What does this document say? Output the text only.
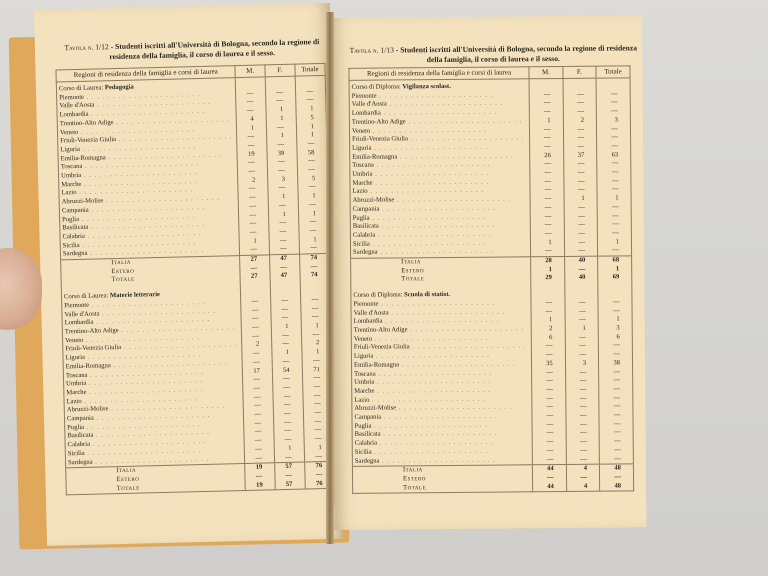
Tavola n. 1/12 - Studenti iscritti all'Università di Bologna, secondo la regione di residenza della famiglia, il corso di laurea e il sesso.
Regioni di residenza della famiglia e corsi di laurea	M.	F.	Totale
Corso di Laurea: Pedagogia			
Piemonte . . . . . . . . . . . . . . . . . . . . . .	—	—	—
Valle d'Aosta . . . . . . . . . . . . . . . . . . . . . .	—	—	—
Lombardia . . . . . . . . . . . . . . . . . . . . . .	—	1	1
Trentino-Alto Adige . . . . . . . . . . . . . . . . . . . . . .	4	1	5
Veneto . . . . . . . . . . . . . . . . . . . . . .	1	—	1
Friuli-Venezia Giulia . . . . . . . . . . . . . . . . . . . . . .	—	1	1
Liguria . . . . . . . . . . . . . . . . . . . . . .	—	—	—
Emilia-Romagna . . . . . . . . . . . . . . . . . . . . . .	19	39	58
Toscana . . . . . . . . . . . . . . . . . . . . . .	—	—	—
Umbria . . . . . . . . . . . . . . . . . . . . . .	—	—	—
Marche . . . . . . . . . . . . . . . . . . . . . .	2	3	5
Lazio . . . . . . . . . . . . . . . . . . . . . .	—	—	—
Abruzzi-Molise . . . . . . . . . . . . . . . . . . . . . .	—	1	1
Campania . . . . . . . . . . . . . . . . . . . . . .	—	—	—
Puglia . . . . . . . . . . . . . . . . . . . . . .	—	1	1
Basilicata . . . . . . . . . . . . . . . . . . . . . .	—	—	—
Calabria . . . . . . . . . . . . . . . . . . . . . .	—	—	—
Sicilia . . . . . . . . . . . . . . . . . . . . . .	1	—	1
Sardegna . . . . . . . . . . . . . . . . . . . . . .	—	—	—
Italia	27	47	74
Estero	—	—	—
Totale	27	47	74

Corso di Laurea: Materie letterarie			
Piemonte . . . . . . . . . . . . . . . . . . . . . .	—	—	—
Valle d'Aosta . . . . . . . . . . . . . . . . . . . . . .	—	—	—
Lombardia . . . . . . . . . . . . . . . . . . . . . .	—	—	—
Trentino-Alto Adige . . . . . . . . . . . . . . . . . . . . . .	—	1	1
Veneto . . . . . . . . . . . . . . . . . . . . . .	—	—	—
Friuli-Venezia Giulia . . . . . . . . . . . . . . . . . . . . . .	2	—	2
Liguria . . . . . . . . . . . . . . . . . . . . . .	—	1	1
Emilia-Romagna . . . . . . . . . . . . . . . . . . . . . .	—	—	—
Toscana . . . . . . . . . . . . . . . . . . . . . .	17	54	71
Umbria . . . . . . . . . . . . . . . . . . . . . .	—	—	—
Marche . . . . . . . . . . . . . . . . . . . . . .	—	—	—
Lazio . . . . . . . . . . . . . . . . . . . . . .	—	—	—
Abruzzi-Molise . . . . . . . . . . . . . . . . . . . . . .	—	—	—
Campania . . . . . . . . . . . . . . . . . . . . . .	—	—	—
Puglia . . . . . . . . . . . . . . . . . . . . . .	—	—	—
Basilicata . . . . . . . . . . . . . . . . . . . . . .	—	—	—
Calabria . . . . . . . . . . . . . . . . . . . . . .	—	—	—
Sicilia . . . . . . . . . . . . . . . . . . . . . .	—	1	1
Sardegna . . . . . . . . . . . . . . . . . . . . . .	—	—	—
Italia	19	57	76
Estero	—	—	—
Totale	19	57	76
Tavola n. 1/13 - Studenti iscritti all'Università di Bologna, secondo la regione di residenza della famiglia, il corso di laurea e il sesso.
Regioni di residenza della famiglia e corsi di laurea	M.	F.	Totale
Corso di Diploma: Vigilanza scolast.			
Piemonte . . . . . . . . . . . . . . . . . . . . . .	—	—	—
Valle d'Aosta . . . . . . . . . . . . . . . . . . . . . .	—	—	—
Lombardia . . . . . . . . . . . . . . . . . . . . . .	—	—	—
Trentino-Alto Adige . . . . . . . . . . . . . . . . . . . . . .	1	2	3
Veneto . . . . . . . . . . . . . . . . . . . . . .	—	—	—
Friuli-Venezia Giulia . . . . . . . . . . . . . . . . . . . . . .	—	—	—
Liguria . . . . . . . . . . . . . . . . . . . . . .	—	—	—
Emilia-Romagna . . . . . . . . . . . . . . . . . . . . . .	26	37	63
Toscana . . . . . . . . . . . . . . . . . . . . . .	—	—	—
Umbria . . . . . . . . . . . . . . . . . . . . . .	—	—	—
Marche . . . . . . . . . . . . . . . . . . . . . .	—	—	—
Lazio . . . . . . . . . . . . . . . . . . . . . .	—	—	—
Abruzzi-Molise . . . . . . . . . . . . . . . . . . . . . .	—	1	1
Campania . . . . . . . . . . . . . . . . . . . . . .	—	—	—
Puglia . . . . . . . . . . . . . . . . . . . . . .	—	—	—
Basilicata . . . . . . . . . . . . . . . . . . . . . .	—	—	—
Calabria . . . . . . . . . . . . . . . . . . . . . .	—	—	—
Sicilia . . . . . . . . . . . . . . . . . . . . . .	1	—	1
Sardegna . . . . . . . . . . . . . . . . . . . . . .	—	—	—
Italia	28	40	68
Estero	1	—	1
Totale	29	40	69

Corso di Diploma: Scuola di statist.			
Piemonte . . . . . . . . . . . . . . . . . . . . . .	—	—	—
Valle d'Aosta . . . . . . . . . . . . . . . . . . . . . .	—	—	—
Lombardia . . . . . . . . . . . . . . . . . . . . . .	1	—	1
Trentino-Alto Adige . . . . . . . . . . . . . . . . . . . . . .	2	1	3
Veneto . . . . . . . . . . . . . . . . . . . . . .	6	—	6
Friuli-Venezia Giulia . . . . . . . . . . . . . . . . . . . . . .	—	—	—
Liguria . . . . . . . . . . . . . . . . . . . . . .	—	—	—
Emilia-Romagna . . . . . . . . . . . . . . . . . . . . . .	35	3	38
Toscana . . . . . . . . . . . . . . . . . . . . . .	—	—	—
Umbria . . . . . . . . . . . . . . . . . . . . . .	—	—	—
Marche . . . . . . . . . . . . . . . . . . . . . .	—	—	—
Lazio . . . . . . . . . . . . . . . . . . . . . .	—	—	—
Abruzzi-Molise . . . . . . . . . . . . . . . . . . . . . .	—	—	—
Campania . . . . . . . . . . . . . . . . . . . . . .	—	—	—
Puglia . . . . . . . . . . . . . . . . . . . . . .	—	—	—
Basilicata . . . . . . . . . . . . . . . . . . . . . .	—	—	—
Calabria . . . . . . . . . . . . . . . . . . . . . .	—	—	—
Sicilia . . . . . . . . . . . . . . . . . . . . . .	—	—	—
Sardegna . . . . . . . . . . . . . . . . . . . . . .	—	—	—
Italia	44	4	48
Estero	—	—	—
Totale	44	4	48
